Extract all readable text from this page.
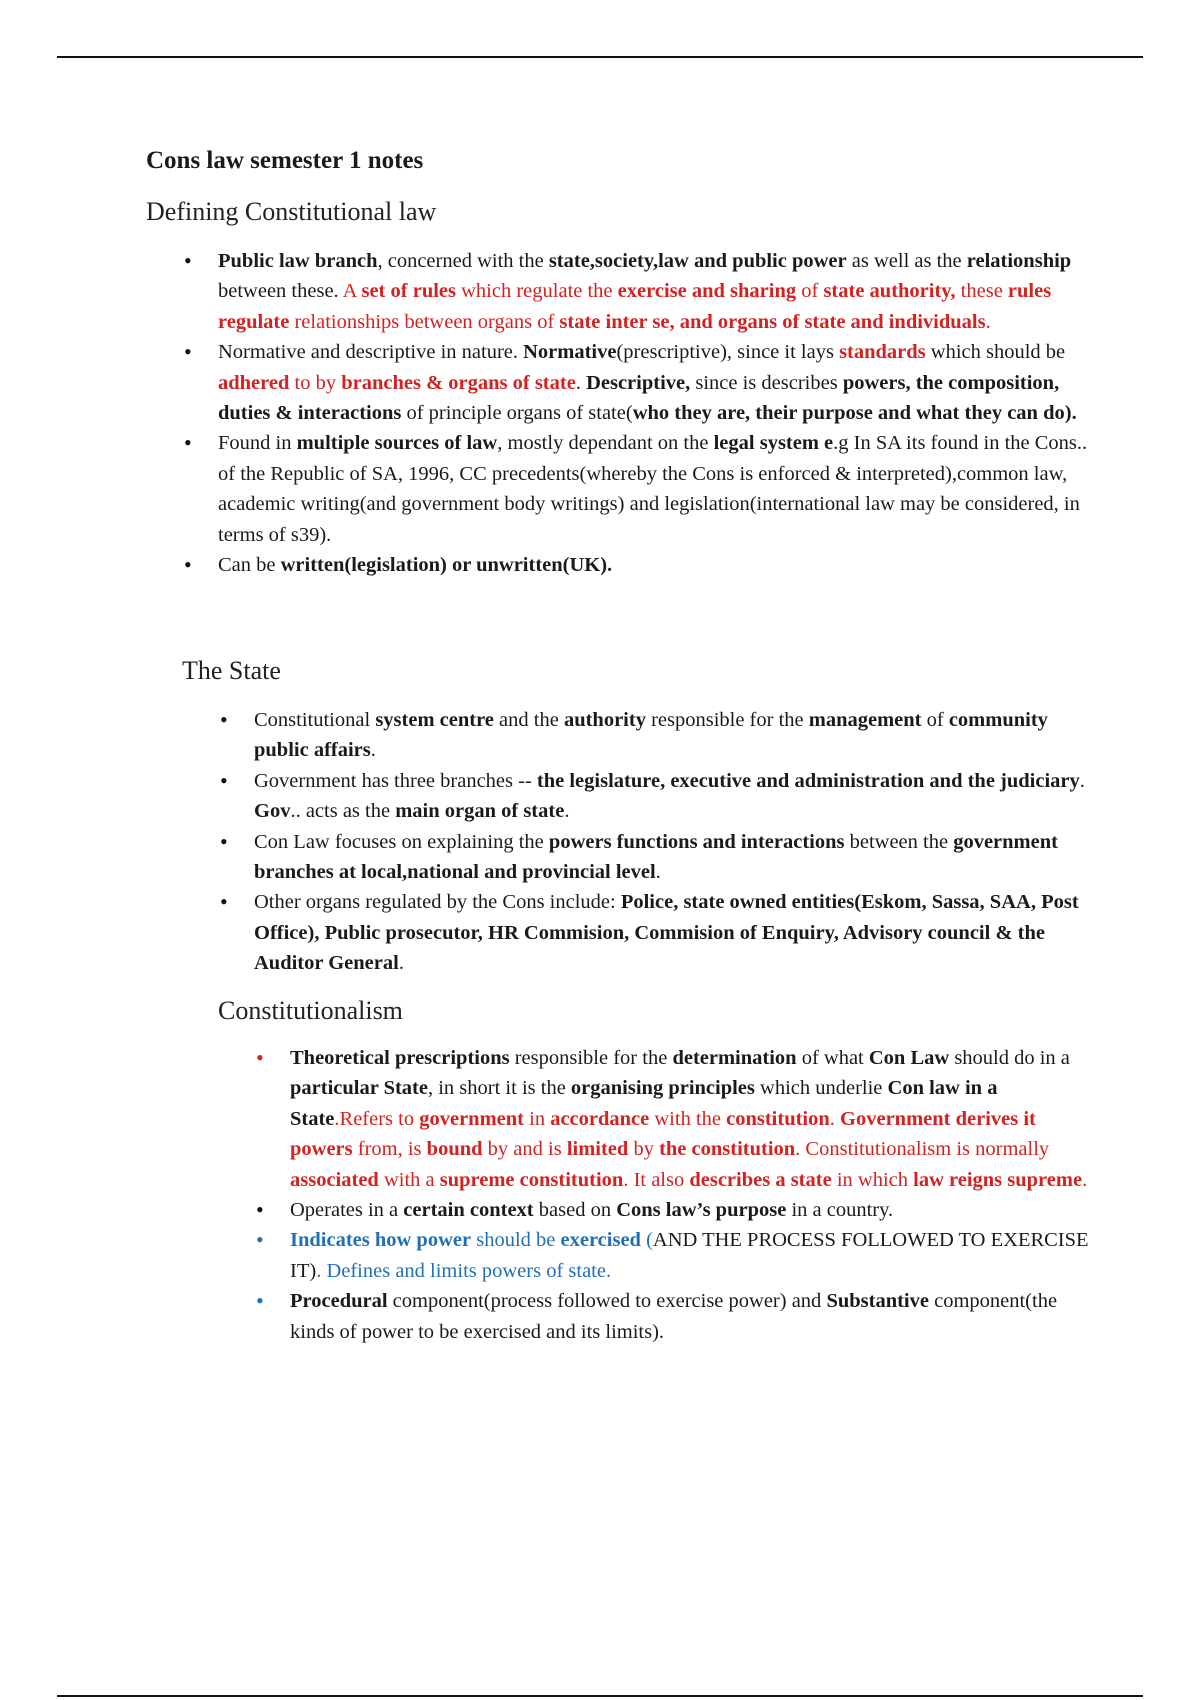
Cons law semester 1 notes
Defining Constitutional law
• Public law branch, concerned with the state,society,law and public power as well as the relationship between these. A set of rules which regulate the exercise and sharing of state authority, these rules regulate relationships between organs of state inter se, and organs of state and individuals.
• Normative and descriptive in nature. Normative(prescriptive), since it lays standards which should be adhered to by branches & organs of state. Descriptive, since is describes powers, the composition, duties & interactions of principle organs of state(who they are, their purpose and what they can do).
• Found in multiple sources of law, mostly dependant on the legal system e.g In SA its found in the Cons.. of the Republic of SA, 1996, CC precedents(whereby the Cons is enforced & interpreted),common law, academic writing(and government body writings) and legislation(international law may be considered, in terms of s39).
• Can be written(legislation) or unwritten(UK).
The State
• Constitutional system centre and the authority responsible for the management of community public affairs.
• Government has three branches -- the legislature, executive and administration and the judiciary. Gov.. acts as the main organ of state.
• Con Law focuses on explaining the powers functions and interactions between the government branches at local,national and provincial level.
• Other organs regulated by the Cons include: Police, state owned entities(Eskom, Sassa, SAA, Post Office), Public prosecutor, HR Commision, Commision of Enquiry, Advisory council & the Auditor General.
Constitutionalism
• Theoretical prescriptions responsible for the determination of what Con Law should do in a particular State, in short it is the organising principles which underlie Con law in a State.Refers to government in accordance with the constitution. Government derives it powers from, is bound by and is limited by the constitution. Constitutionalism is normally associated with a supreme constitution. It also describes a state in which law reigns supreme.
• Operates in a certain context based on Cons law’s purpose in a country.
• Indicates how power should be exercised (AND THE PROCESS FOLLOWED TO EXERCISE IT). Defines and limits powers of state.
• Procedural component(process followed to exercise power) and Substantive component(the kinds of power to be exercised and its limits).
